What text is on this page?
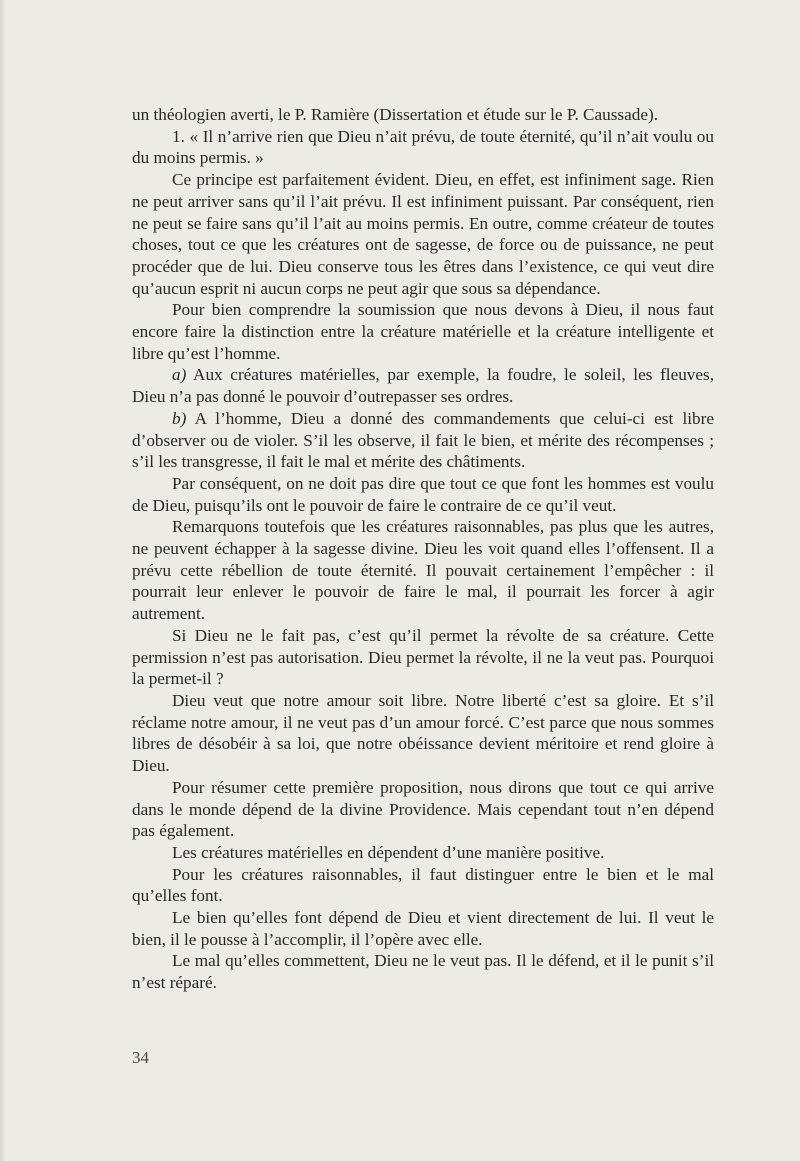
un théologien averti, le P. Ramière (Dissertation et étude sur le P. Caussade).

1. « Il n’arrive rien que Dieu n’ait prévu, de toute éternité, qu’il n’ait voulu ou du moins permis. »

Ce principe est parfaitement évident. Dieu, en effet, est infiniment sage. Rien ne peut arriver sans qu’il l’ait prévu. Il est infiniment puissant. Par conséquent, rien ne peut se faire sans qu’il l’ait au moins permis. En outre, comme créateur de toutes choses, tout ce que les créatures ont de sagesse, de force ou de puissance, ne peut procéder que de lui. Dieu conserve tous les êtres dans l’existence, ce qui veut dire qu’aucun esprit ni aucun corps ne peut agir que sous sa dépendance.

Pour bien comprendre la soumission que nous devons à Dieu, il nous faut encore faire la distinction entre la créature matérielle et la créature intelligente et libre qu’est l’homme.

a) Aux créatures matérielles, par exemple, la foudre, le soleil, les fleuves, Dieu n’a pas donné le pouvoir d’outrepasser ses ordres.

b) A l’homme, Dieu a donné des commandements que celui-ci est libre d’observer ou de violer. S’il les observe, il fait le bien, et mérite des récompenses ; s’il les transgresse, il fait le mal et mérite des châtiments.

Par conséquent, on ne doit pas dire que tout ce que font les hommes est voulu de Dieu, puisqu’ils ont le pouvoir de faire le contraire de ce qu’il veut.

Remarquons toutefois que les créatures raisonnables, pas plus que les autres, ne peuvent échapper à la sagesse divine. Dieu les voit quand elles l’offensent. Il a prévu cette rébellion de toute éternité. Il pouvait certainement l’empêcher : il pourrait leur enlever le pouvoir de faire le mal, il pourrait les forcer à agir autrement.

Si Dieu ne le fait pas, c’est qu’il permet la révolte de sa créature. Cette permission n’est pas autorisation. Dieu permet la révolte, il ne la veut pas. Pourquoi la permet-il ?

Dieu veut que notre amour soit libre. Notre liberté c’est sa gloire. Et s’il réclame notre amour, il ne veut pas d’un amour forcé. C’est parce que nous sommes libres de désobéir à sa loi, que notre obéissance devient méritoire et rend gloire à Dieu.

Pour résumer cette première proposition, nous dirons que tout ce qui arrive dans le monde dépend de la divine Providence. Mais cependant tout n’en dépend pas également.

Les créatures matérielles en dépendent d’une manière positive.

Pour les créatures raisonnables, il faut distinguer entre le bien et le mal qu’elles font.

Le bien qu’elles font dépend de Dieu et vient directement de lui. Il veut le bien, il le pousse à l’accomplir, il l’opère avec elle.

Le mal qu’elles commettent, Dieu ne le veut pas. Il le défend, et il le punit s’il n’est réparé.

34
